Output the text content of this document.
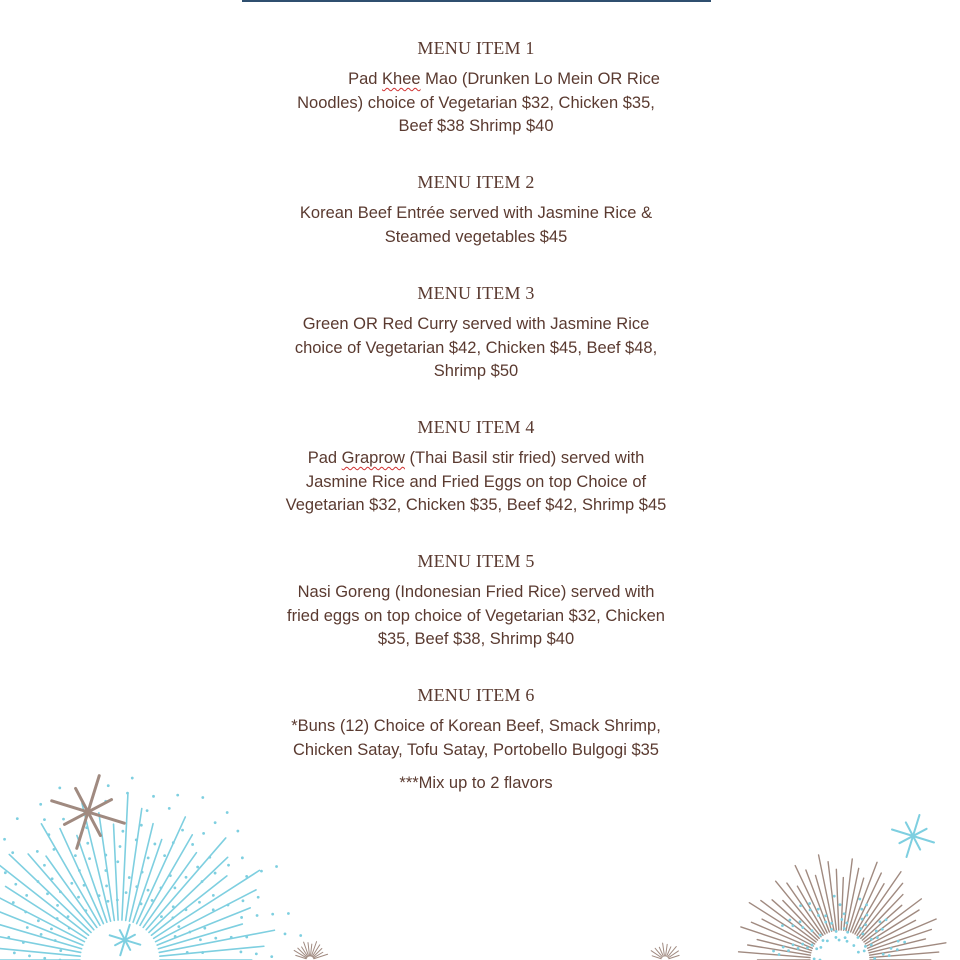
MENU ITEM 1
Pad Khee Mao (Drunken Lo Mein OR Rice
Noodles) choice of Vegetarian $32, Chicken $35,
Beef $38 Shrimp $40
MENU ITEM 2
Korean Beef Entrée served with Jasmine Rice &
Steamed vegetables $45
MENU ITEM 3
Green OR Red Curry served with Jasmine Rice
choice of Vegetarian $42, Chicken $45, Beef $48,
Shrimp $50
MENU ITEM 4
Pad Graprow (Thai Basil stir fried) served with
Jasmine Rice and Fried Eggs on top Choice of
Vegetarian $32, Chicken $35, Beef $42, Shrimp $45
MENU ITEM 5
Nasi Goreng (Indonesian Fried Rice) served with
fried eggs on top choice of Vegetarian $32, Chicken
$35, Beef $38, Shrimp $40
MENU ITEM 6
*Buns (12) Choice of Korean Beef, Smack Shrimp,
Chicken Satay, Tofu Satay, Portobello Bulgogi $35
***Mix up to 2 flavors
